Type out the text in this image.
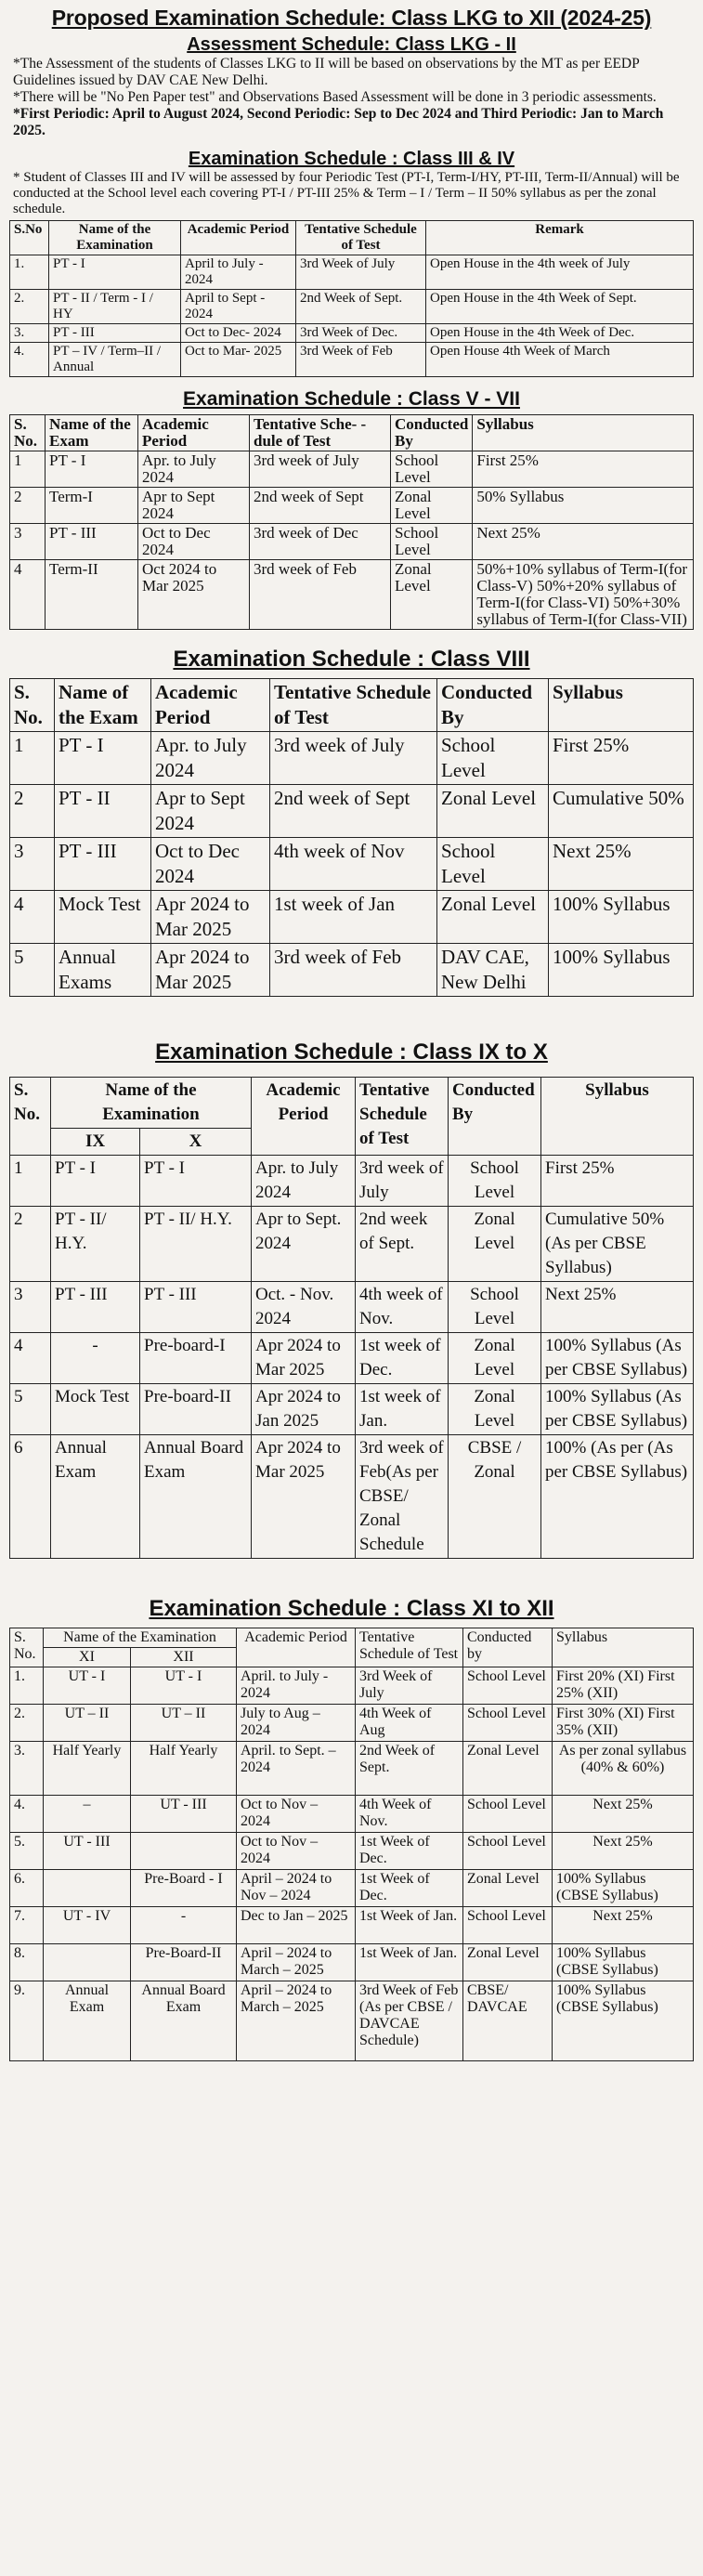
Proposed Examination Schedule: Class LKG to XII (2024-25)
Assessment Schedule: Class LKG - II

*The Assessment of the students of Classes LKG to II will be based on observations by the MT as per EEDP Guidelines issued by DAV CAE New Delhi.

*There will be "No Pen Paper test" and Observations Based Assessment will be done in 3 periodic assessments.

*First Periodic: April to August 2024, Second Periodic: Sep to Dec 2024 and Third Periodic: Jan to March 2025.

Examination Schedule : Class III & IV
* Student of Classes III and IV will be assessed by four Periodic Test (PT-I, Term-I/HY, PT-III, Term-II/Annual) will be conducted at the School level each covering PT-I / PT-III 25% & Term – I / Term – II 50% syllabus as per the zonal schedule.
S.No	Name of the Examination	Academic Period	Tentative Schedule of Test	Remark
1.	PT - I	April to July - 2024	3rd Week of July	Open House in the 4th week of July
2.	PT - II / Term - I / HY	April to Sept - 2024	2nd Week of Sept.	Open House in the 4th Week of Sept.
3.	PT - III	Oct to Dec- 2024	3rd Week of Dec.	Open House in the 4th Week of Dec.
4.	PT – IV / Term–II / Annual	Oct to Mar- 2025	3rd Week of Feb	Open House 4th Week of March
Examination Schedule : Class V - VII
S. No.	Name of the Exam	Academic Period	Tentative Sche- -dule of Test	Conducted By	Syllabus
1	PT - I	Apr. to July 2024	3rd week of July	School Level	First 25%
2	Term-I	Apr to Sept 2024	2nd week of Sept	Zonal Level	50% Syllabus
3	PT - III	Oct to Dec 2024	3rd week of Dec	School Level	Next 25%
4	Term-II	Oct 2024 to Mar 2025	3rd week of Feb	Zonal Level	50%+10% syllabus of Term-I(for Class-V) 50%+20% syllabus of Term-I(for Class-VI) 50%+30% syllabus of Term-I(for Class-VII)
Examination Schedule : Class VIII
S. No.	Name of the Exam	Academic Period	Tentative Schedule of Test	Conducted By	Syllabus
1	PT - I	Apr. to July 2024	3rd week of July	School Level	First 25%
2	PT - II	Apr to Sept 2024	2nd week of Sept	Zonal Level	Cumulative 50%
3	PT - III	Oct to Dec 2024	4th week of Nov	School Level	Next 25%
4	Mock Test	Apr 2024 to Mar 2025	1st week of Jan	Zonal Level	100% Syllabus
5	Annual Exams	Apr 2024 to Mar 2025	3rd week of Feb	DAV CAE, New Delhi	100% Syllabus
Examination Schedule : Class IX to X
S. No.	Name of the Examination		Academic Period	Tentative Schedule of Test	Conducted By	Syllabus
	IX	X				
1	PT - I	PT - I	Apr. to July 2024	3rd week of July	School Level	First 25%
2	PT - II/ H.Y.	PT - II/ H.Y.	Apr to Sept. 2024	2nd week of Sept.	Zonal Level	Cumulative 50% (As per CBSE Syllabus)
3	PT - III	PT - III	Oct. - Nov. 2024	4th week of Nov.	School Level	Next 25%
4	-	Pre-board-I	Apr 2024 to Mar 2025	1st week of Dec.	Zonal Level	100% Syllabus (As per CBSE Syllabus)
5	Mock Test	Pre-board-II	Apr 2024 to Jan 2025	1st week of Jan.	Zonal Level	100% Syllabus (As per CBSE Syllabus)
6	Annual Exam	Annual Board Exam	Apr 2024 to Mar 2025	3rd week of Feb(As per CBSE/ Zonal Schedule	CBSE / Zonal	100% (As per (As per CBSE Syllabus)
Examination Schedule : Class XI to XII
S. No.	Name of the Examination		Academic Period	Tentative Schedule of Test	Conducted by	Syllabus
	XI	XII				
1.	UT - I	UT - I	April. to July - 2024	3rd Week of July	School Level	First 20% (XI) First 25% (XII)
2.	UT – II	UT – II	July to Aug – 2024	4th Week of Aug	School Level	First 30% (XI) First 35% (XII)
3.	Half Yearly	Half Yearly	April. to Sept. – 2024	2nd Week of Sept.	Zonal Level	As per zonal syllabus (40% & 60%)
4.	–	UT - III	Oct to Nov – 2024	4th Week of Nov.	School Level	Next 25%
5.	UT - III		Oct to Nov – 2024	1st Week of Dec.	School Level	Next 25%
6.		Pre-Board - I	April – 2024 to Nov – 2024	1st Week of Dec.	Zonal Level	100% Syllabus (CBSE Syllabus)
7.	UT - IV	-	Dec to Jan – 2025	1st Week of Jan.	School Level	Next 25%
8.		Pre-Board-II	April – 2024 to March – 2025	1st Week of Jan.	Zonal Level	100% Syllabus (CBSE Syllabus)
9.	Annual Exam	Annual Board Exam	April – 2024 to March – 2025	3rd Week of Feb (As per CBSE / DAVCAE Schedule)	CBSE/ DAVCAE	100% Syllabus (CBSE Syllabus)
